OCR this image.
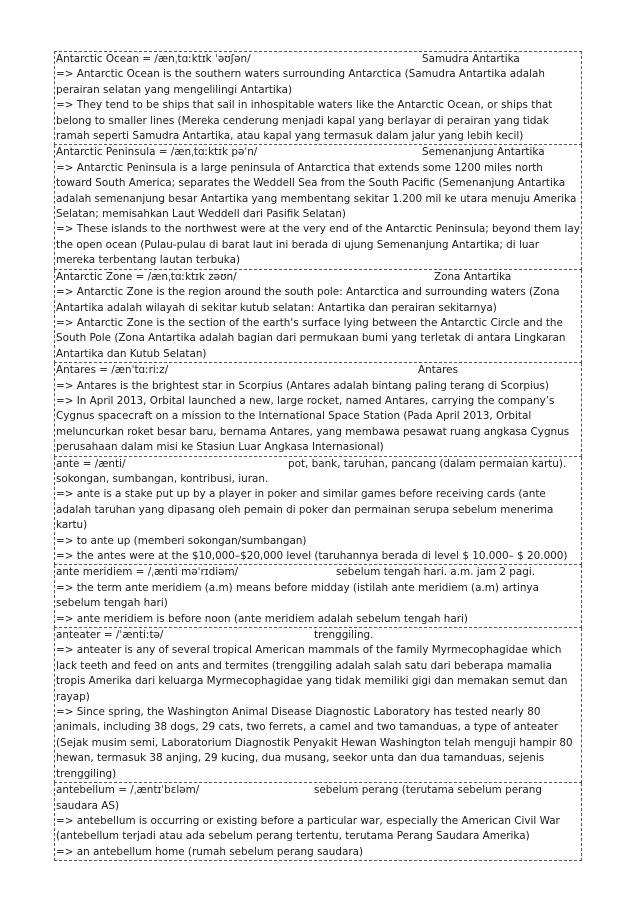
Antarctic Ocean = /ænˌtɑːktɪk ˈəʊʃən/	Samudra Antartika
=> Antarctic Ocean is the southern waters surrounding Antarctica (Samudra Antartika adalah perairan selatan yang mengelilingi Antartika)
=> They tend to be ships that sail in inhospitable waters like the Antarctic Ocean, or ships that belong to smaller lines (Mereka cenderung menjadi kapal yang berlayar di perairan yang tidak ramah seperti Samudra Antartika, atau kapal yang termasuk dalam jalur yang lebih kecil)
Antarctic Peninsula = /ænˌtɑːktɪk pəˈn/	Semenanjung Antartika
=> Antarctic Peninsula is a large peninsula of Antarctica that extends some 1200 miles north toward South America; separates the Weddell Sea from the South Pacific (Semenanjung Antartika adalah semenanjung besar Antartika yang membentang sekitar 1.200 mil ke utara menuju Amerika Selatan; memisahkan Laut Weddell dari Pasifik Selatan)
=> These islands to the northwest were at the very end of the Antarctic Peninsula; beyond them lay the open ocean (Pulau-pulau di barat laut ini berada di ujung Semenanjung Antartika; di luar mereka terbentang lautan terbuka)
Antarctic Zone = /ænˌtɑːktɪk zəʊn/	Zona Antartika
=> Antarctic Zone is the region around the south pole: Antarctica and surrounding waters (Zona Antartika adalah wilayah di sekitar kutub selatan: Antartika dan perairan sekitarnya)
=> Antarctic Zone is the section of the earth's surface lying between the Antarctic Circle and the South Pole (Zona Antartika adalah bagian dari permukaan bumi yang terletak di antara Lingkaran Antartika dan Kutub Selatan)
Antares = /ænˈtɑːriːz/	Antares
=> Antares is the brightest star in Scorpius (Antares adalah bintang paling terang di Scorpius)
=> In April 2013, Orbital launched a new, large rocket, named Antares, carrying the company’s Cygnus spacecraft on a mission to the International Space Station (Pada April 2013, Orbital meluncurkan roket besar baru, bernama Antares, yang membawa pesawat ruang angkasa Cygnus perusahaan dalam misi ke Stasiun Luar Angkasa Internasional)
ante = /ænti/	pot, bank, taruhan, pancang (dalam permaian kartu).
sokongan, sumbangan, kontribusi, iuran.
=> ante is a stake put up by a player in poker and similar games before receiving cards (ante adalah taruhan yang dipasang oleh pemain di poker dan permainan serupa sebelum menerima kartu)
=> to ante up (memberi sokongan/sumbangan)
=> the antes were at the $10,000–$20,000 level (taruhannya berada di level $ 10.000– $ 20.000)
ante meridiem = /ˌænti məˈrɪdiəm/	sebelum tengah hari. a.m. jam 2 pagi.
=> the term ante meridiem (a.m) means before midday (istilah ante meridiem (a.m) artinya sebelum tengah hari)
=> ante meridiem is before noon (ante meridiem adalah sebelum tengah hari)
anteater = /ˈæntiːtə/	trenggiling.
=> anteater is any of several tropical American mammals of the family Myrmecophagidae which lack teeth and feed on ants and termites (trenggiling adalah salah satu dari beberapa mamalia tropis Amerika dari keluarga Myrmecophagidae yang tidak memiliki gigi dan memakan semut dan rayap)
=> Since spring, the Washington Animal Disease Diagnostic Laboratory has tested nearly 80 animals, including 38 dogs, 29 cats, two ferrets, a camel and two tamanduas, a type of anteater (Sejak musim semi, Laboratorium Diagnostik Penyakit Hewan Washington telah menguji hampir 80 hewan, termasuk 38 anjing, 29 kucing, dua musang, seekor unta dan dua tamanduas, sejenis trenggiling)
antebellum = /ˌæntɪˈbɛləm/	sebelum perang (terutama sebelum perang saudara AS)
=> antebellum is occurring or existing before a particular war, especially the American Civil War (antebellum terjadi atau ada sebelum perang tertentu, terutama Perang Saudara Amerika)
=> an antebellum home (rumah sebelum perang saudara)
